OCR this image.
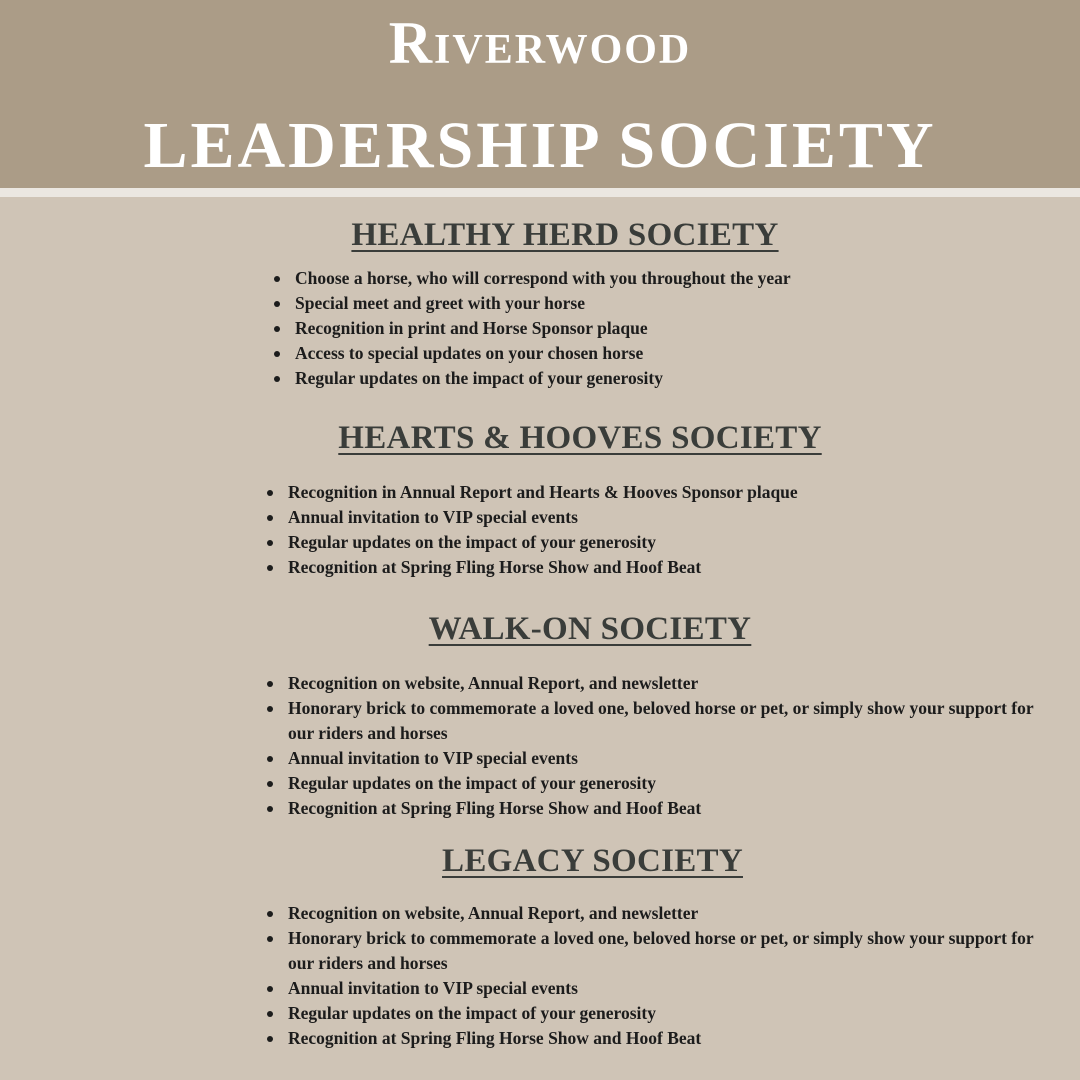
Riverwood
LEADERSHIP SOCIETY
HEALTHY HERD SOCIETY
Choose a horse, who will correspond with you throughout the year
Special meet and greet with your horse
Recognition in print and Horse Sponsor plaque
Access to special updates on your chosen horse
Regular updates on the impact of your generosity
HEARTS & HOOVES SOCIETY
Recognition in Annual Report and Hearts & Hooves Sponsor plaque
Annual invitation to VIP special events
Regular updates on the impact of your generosity
Recognition at Spring Fling Horse Show and Hoof Beat
WALK-ON SOCIETY
Recognition on website, Annual Report, and newsletter
Honorary brick to commemorate a loved one, beloved horse or pet, or simply show your support for our riders and horses
Annual invitation to VIP special events
Regular updates on the impact of your generosity
Recognition at Spring Fling Horse Show and Hoof Beat
LEGACY SOCIETY
Recognition on website, Annual Report, and newsletter
Honorary brick to commemorate a loved one, beloved horse or pet, or simply show your support for our riders and horses
Annual invitation to VIP special events
Regular updates on the impact of your generosity
Recognition at Spring Fling Horse Show and Hoof Beat
